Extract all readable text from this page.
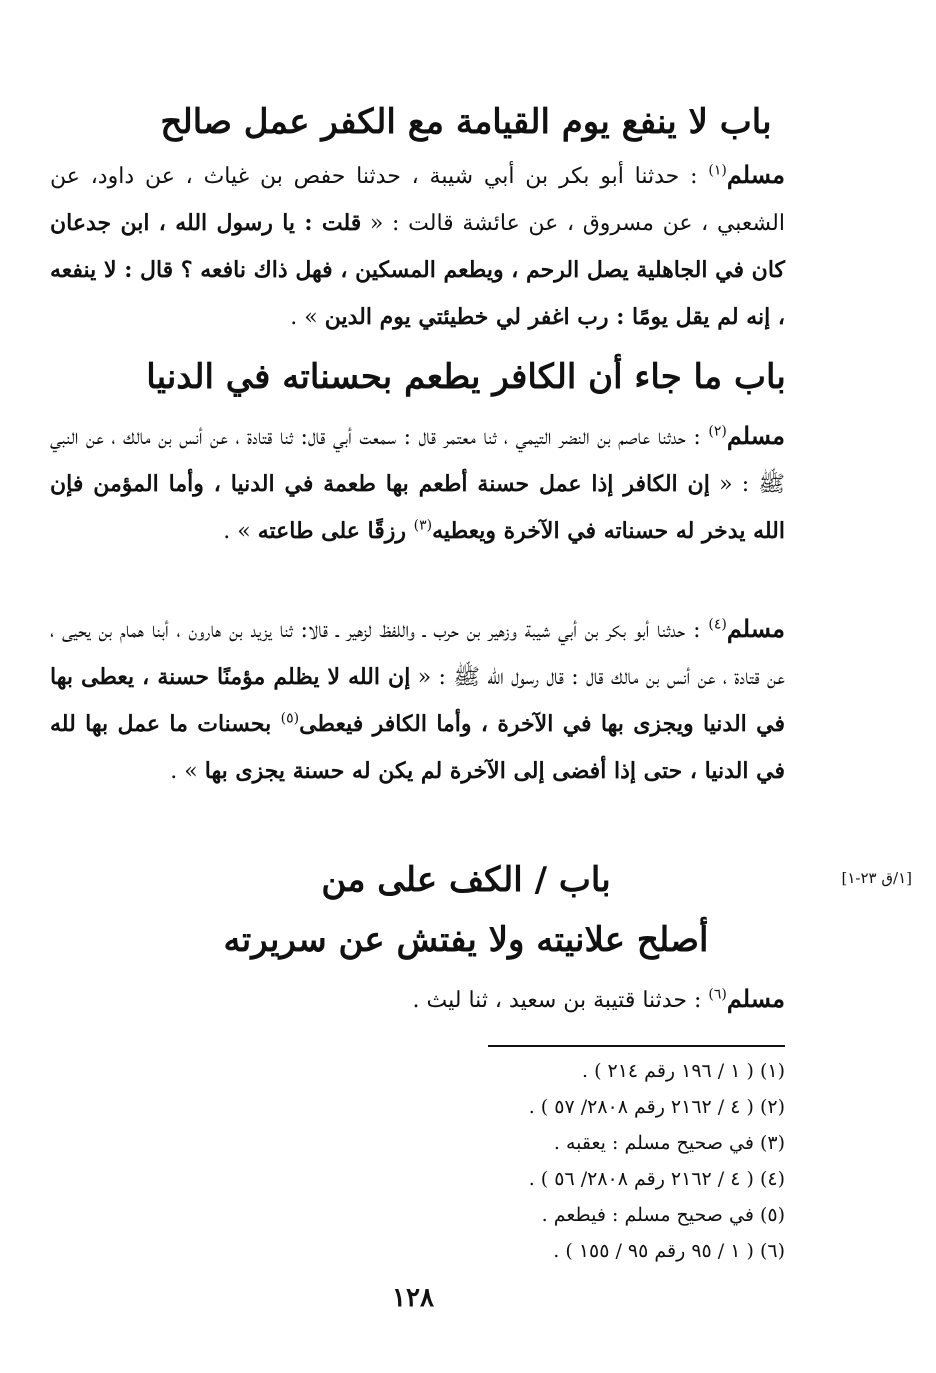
باب لا ينفع يوم القيامة مع الكفر عمل صالح
مسلم$^{(١)}$ : حدثنا أبو بكر بن أبي شيبة ، حدثنا حفص بن غياث ، عن داود، عن الشعبي ، عن مسروق ، عن عائشة قالت : « قلت : يا رسول الله ، ابن جدعان كان في الجاهلية يصل الرحم ، ويطعم المسكين ، فهل ذاك نافعه ؟ قال : لا ينفعه ، إنه لم يقل يومًا : رب اغفر لي خطيئتي يوم الدين » .
باب ما جاء أن الكافر يطعم بحسناته في الدنيا
مسلم$^{(٢)}$ : حدثنا عاصم بن النضر التيمي ، ثنا معتمر قال : سمعت أبي قال: ثنا قتادة ، عن أنس بن مالك ، عن النبي ﷺ : « إن الكافر إذا عمل حسنة أطعم بها طعمة في الدنيا ، وأما المؤمن فإن الله يدخر له حسناته في الآخرة ويعطيه$^{(٣)}$ رزقًا على طاعته » .
مسلم$^{(٤)}$ : حدثنا أبو بكر بن أبي شيبة وزهير بن حرب ـ واللفظ لزهير ـ قالا: ثنا يزيد بن هارون ، أبنا همام بن يحيى ، عن قتادة ، عن أنس بن مالك قال : قال رسول الله ﷺ : « إن الله لا يظلم مؤمنًا حسنة ، يعطى بها في الدنيا ويجزى بها في الآخرة ، وأما الكافر فيعطى$^{(٥)}$ بحسنات ما عمل بها لله في الدنيا ، حتى إذا أفضى إلى الآخرة لم يكن له حسنة يجزى بها » .
باب / الكف على من
أصلح علانيته ولا يفتش عن سريرته
[١/ق ٢٣-١]
مسلم$^{(٦)}$ : حدثنا قتيبة بن سعيد ، ثنا ليث .
(١) ( ١ / ١٩٦ رقم ٢١٤ ) .
(٢) ( ٤ / ٢١٦٢ رقم ٢٨٠٨/ ٥٧ ) .
(٣) في صحيح مسلم : يعقبه .
(٤) ( ٤ / ٢١٦٢ رقم ٢٨٠٨/ ٥٦ ) .
(٥) في صحيح مسلم : فيطعم .
(٦) ( ١ / ٩٥ رقم ٩٥ / ١٥٥ ) .
١٢٨
